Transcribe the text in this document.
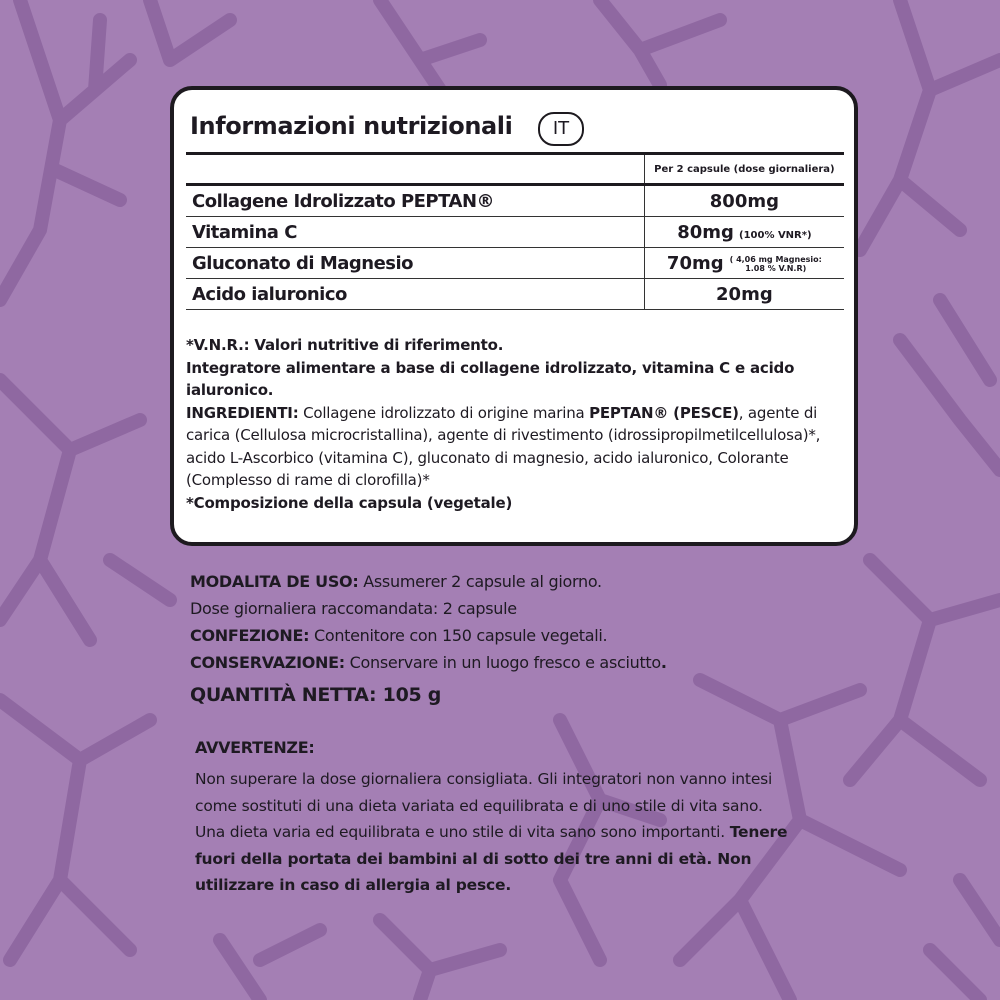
Informazioni nutrizionali	IT
	Per 2 capsule (dose giornaliera)
Collagene Idrolizzato PEPTAN®	800mg
Vitamina C	80mg (100% VNR*)
Gluconato di Magnesio	70mg ( 4,06 mg Magnesio:
1.08 % V.N.R)
Acido ialuronico	20mg

*V.N.R.: Valori nutritive di riferimento.

Integratore alimentare a base di collagene idrolizzato, vitamina C e acido ialuronico.

INGREDIENTI: Collagene idrolizzato di origine marina PEPTAN® (PESCE), agente di carica (Cellulosa microcristallina), agente di rivestimento (idrossipropilmetilcellulosa)*, acido L-Ascorbico (vitamina C), gluconato di magnesio, acido ialuronico, Colorante (Complesso di rame di clorofilla)*

*Composizione della capsula (vegetale)

MODALITA DE USO: Assumerer 2 capsule al giorno.

Dose giornaliera raccomandata: 2 capsule

CONFEZIONE: Contenitore con 150 capsule vegetali.

CONSERVAZIONE: Conservare in un luogo fresco e asciutto.

QUANTITÀ NETTA: 105 g
AVVERTENZE:

Non superare la dose giornaliera consigliata. Gli integratori non vanno intesi come sostituti di una dieta variata ed equilibrata e di uno stile di vita sano. Una dieta varia ed equilibrata e uno stile di vita sano sono importanti. Tenere fuori della portata dei bambini al di sotto dei tre anni di età. Non utilizzare in caso di allergia al pesce.
